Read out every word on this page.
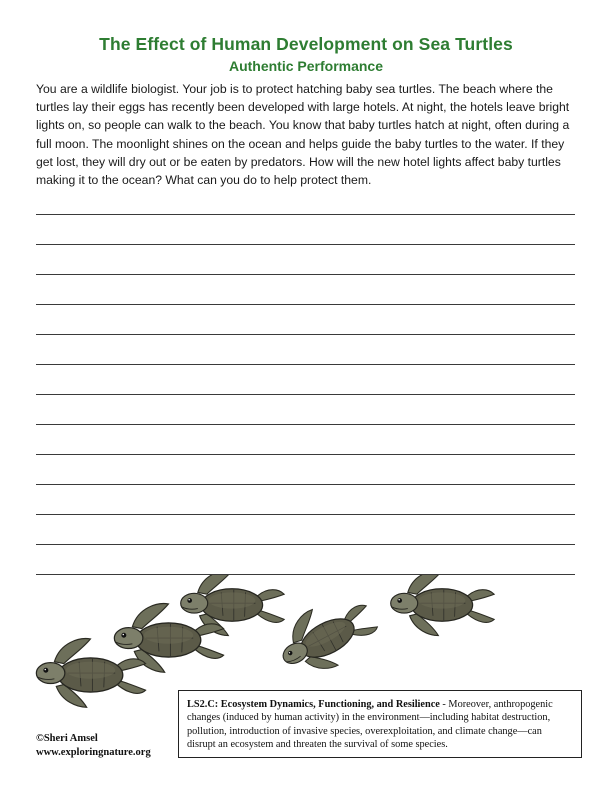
The Effect of Human Development on Sea Turtles
Authentic Performance
You are a wildlife biologist. Your job is to protect hatching baby sea turtles. The beach where the turtles lay their eggs has recently been developed with large hotels. At night, the hotels leave bright lights on, so people can walk to the beach. You know that baby turtles hatch at night, often during a full moon. The moonlight shines on the ocean and helps guide the baby turtles to the water. If they get lost, they will dry out or be eaten by predators. How will the new hotel lights affect baby turtles making it to the ocean? What can you do to help protect them.
LS2.C: Ecosystem Dynamics, Functioning, and Resilience - Moreover, anthropogenic changes (induced by human activity) in the environment—including habitat destruction, pollution, introduction of invasive species, overexploitation, and climate change—can disrupt an ecosystem and threaten the survival of some species.
©Sheri Amsel
www.exploringnature.org
